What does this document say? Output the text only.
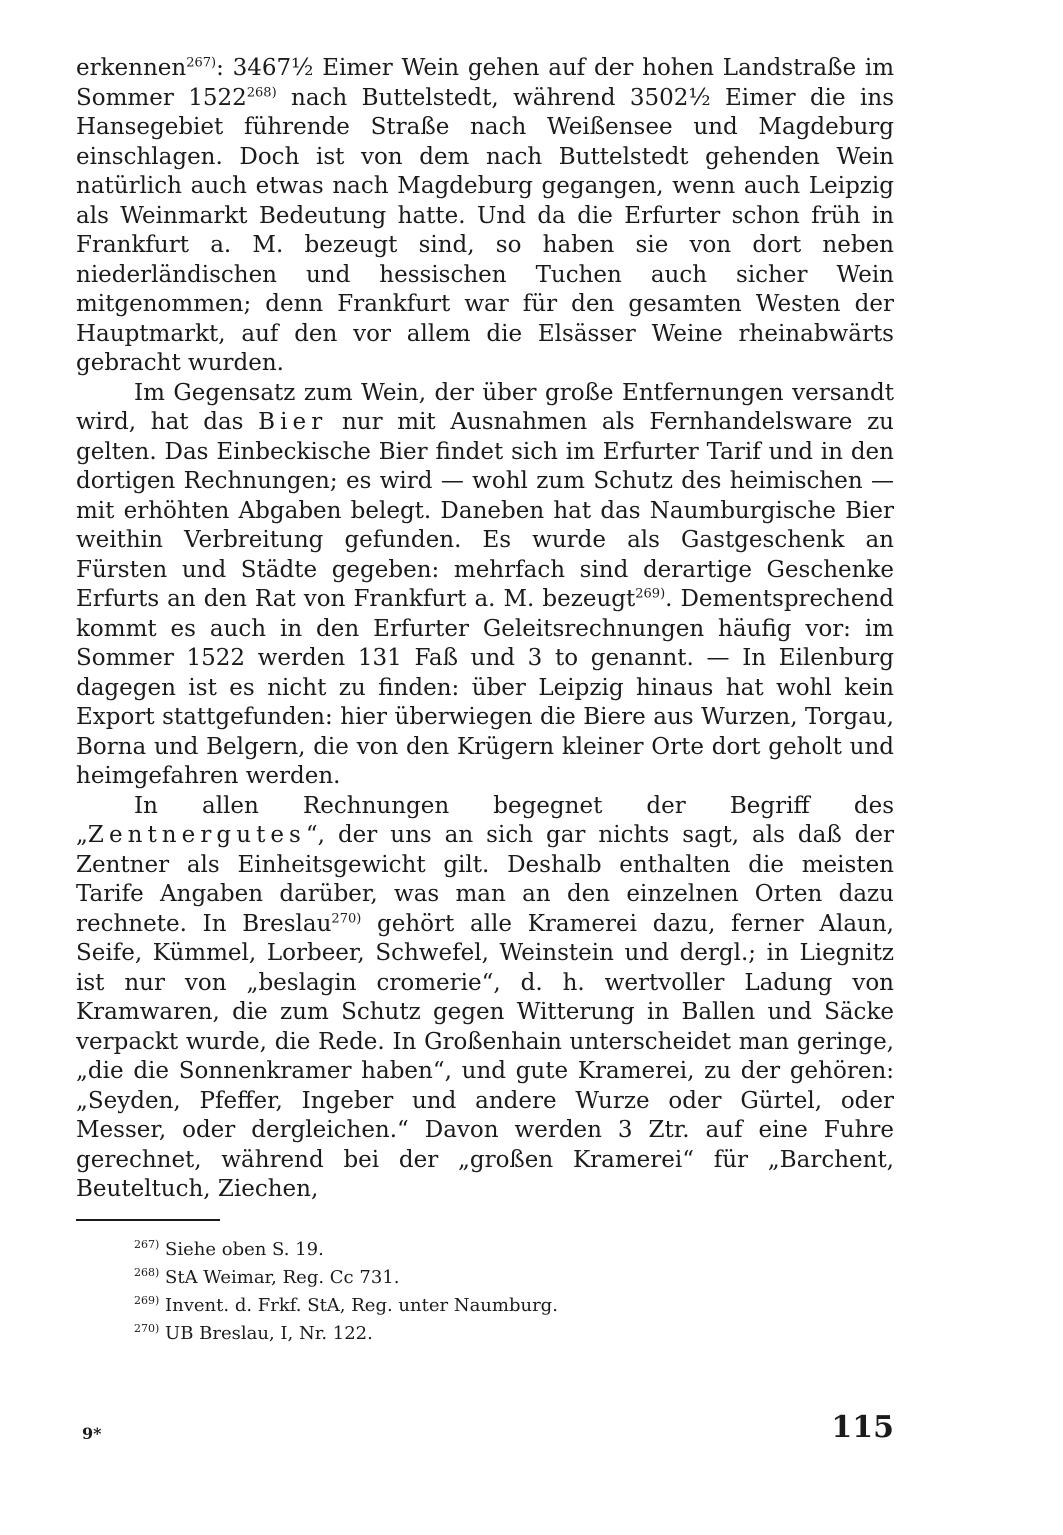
erkennen$^{267)}$: 3467½ Eimer Wein gehen auf der hohen Landstraße im Sommer 1522$^{268)}$ nach Buttelstedt, während 3502½ Eimer die ins Hansegebiet führende Straße nach Weißensee und Magdeburg einschlagen. Doch ist von dem nach Buttelstedt gehenden Wein natürlich auch etwas nach Magdeburg gegangen, wenn auch Leipzig als Weinmarkt Bedeutung hatte. Und da die Erfurter schon früh in Frankfurt a. M. bezeugt sind, so haben sie von dort neben niederländischen und hessischen Tuchen auch sicher Wein mitgenommen; denn Frankfurt war für den gesamten Westen der Hauptmarkt, auf den vor allem die Elsässer Weine rheinabwärts gebracht wurden.

Im Gegensatz zum Wein, der über große Entfernungen versandt wird, hat das Bier nur mit Ausnahmen als Fernhandelsware zu gelten. Das Einbeckische Bier findet sich im Erfurter Tarif und in den dortigen Rechnungen; es wird — wohl zum Schutz des heimischen — mit erhöhten Abgaben belegt. Daneben hat das Naumburgische Bier weithin Verbreitung gefunden. Es wurde als Gastgeschenk an Fürsten und Städte gegeben: mehrfach sind derartige Geschenke Erfurts an den Rat von Frankfurt a. M. bezeugt$^{269)}$. Dementsprechend kommt es auch in den Erfurter Geleitsrechnungen häufig vor: im Sommer 1522 werden 131 Faß und 3 to genannt. — In Eilenburg dagegen ist es nicht zu finden: über Leipzig hinaus hat wohl kein Export stattgefunden: hier überwiegen die Biere aus Wurzen, Torgau, Borna und Belgern, die von den Krügern kleiner Orte dort geholt und heimgefahren werden.

In allen Rechnungen begegnet der Begriff des „Zentnergutes“, der uns an sich gar nichts sagt, als daß der Zentner als Einheitsgewicht gilt. Deshalb enthalten die meisten Tarife Angaben darüber, was man an den einzelnen Orten dazu rechnete. In Breslau$^{270)}$ gehört alle Kramerei dazu, ferner Alaun, Seife, Kümmel, Lorbeer, Schwefel, Weinstein und dergl.; in Liegnitz ist nur von „beslagin cromerie“, d. h. wertvoller Ladung von Kramwaren, die zum Schutz gegen Witterung in Ballen und Säcke verpackt wurde, die Rede. In Großenhain unterscheidet man geringe, „die die Sonnenkramer haben“, und gute Kramerei, zu der gehören: „Seyden, Pfeffer, Ingeber und andere Wurze oder Gürtel, oder Messer, oder dergleichen.“ Davon werden 3 Ztr. auf eine Fuhre gerechnet, während bei der „großen Kramerei“ für „Barchent, Beuteltuch, Ziechen,

$^{267)}$ Siehe oben S. 19.

$^{268)}$ StA Weimar, Reg. Cc 731.

$^{269)}$ Invent. d. Frkf. StA, Reg. unter Naumburg.

$^{270)}$ UB Breslau, I, Nr. 122.

9*	115
